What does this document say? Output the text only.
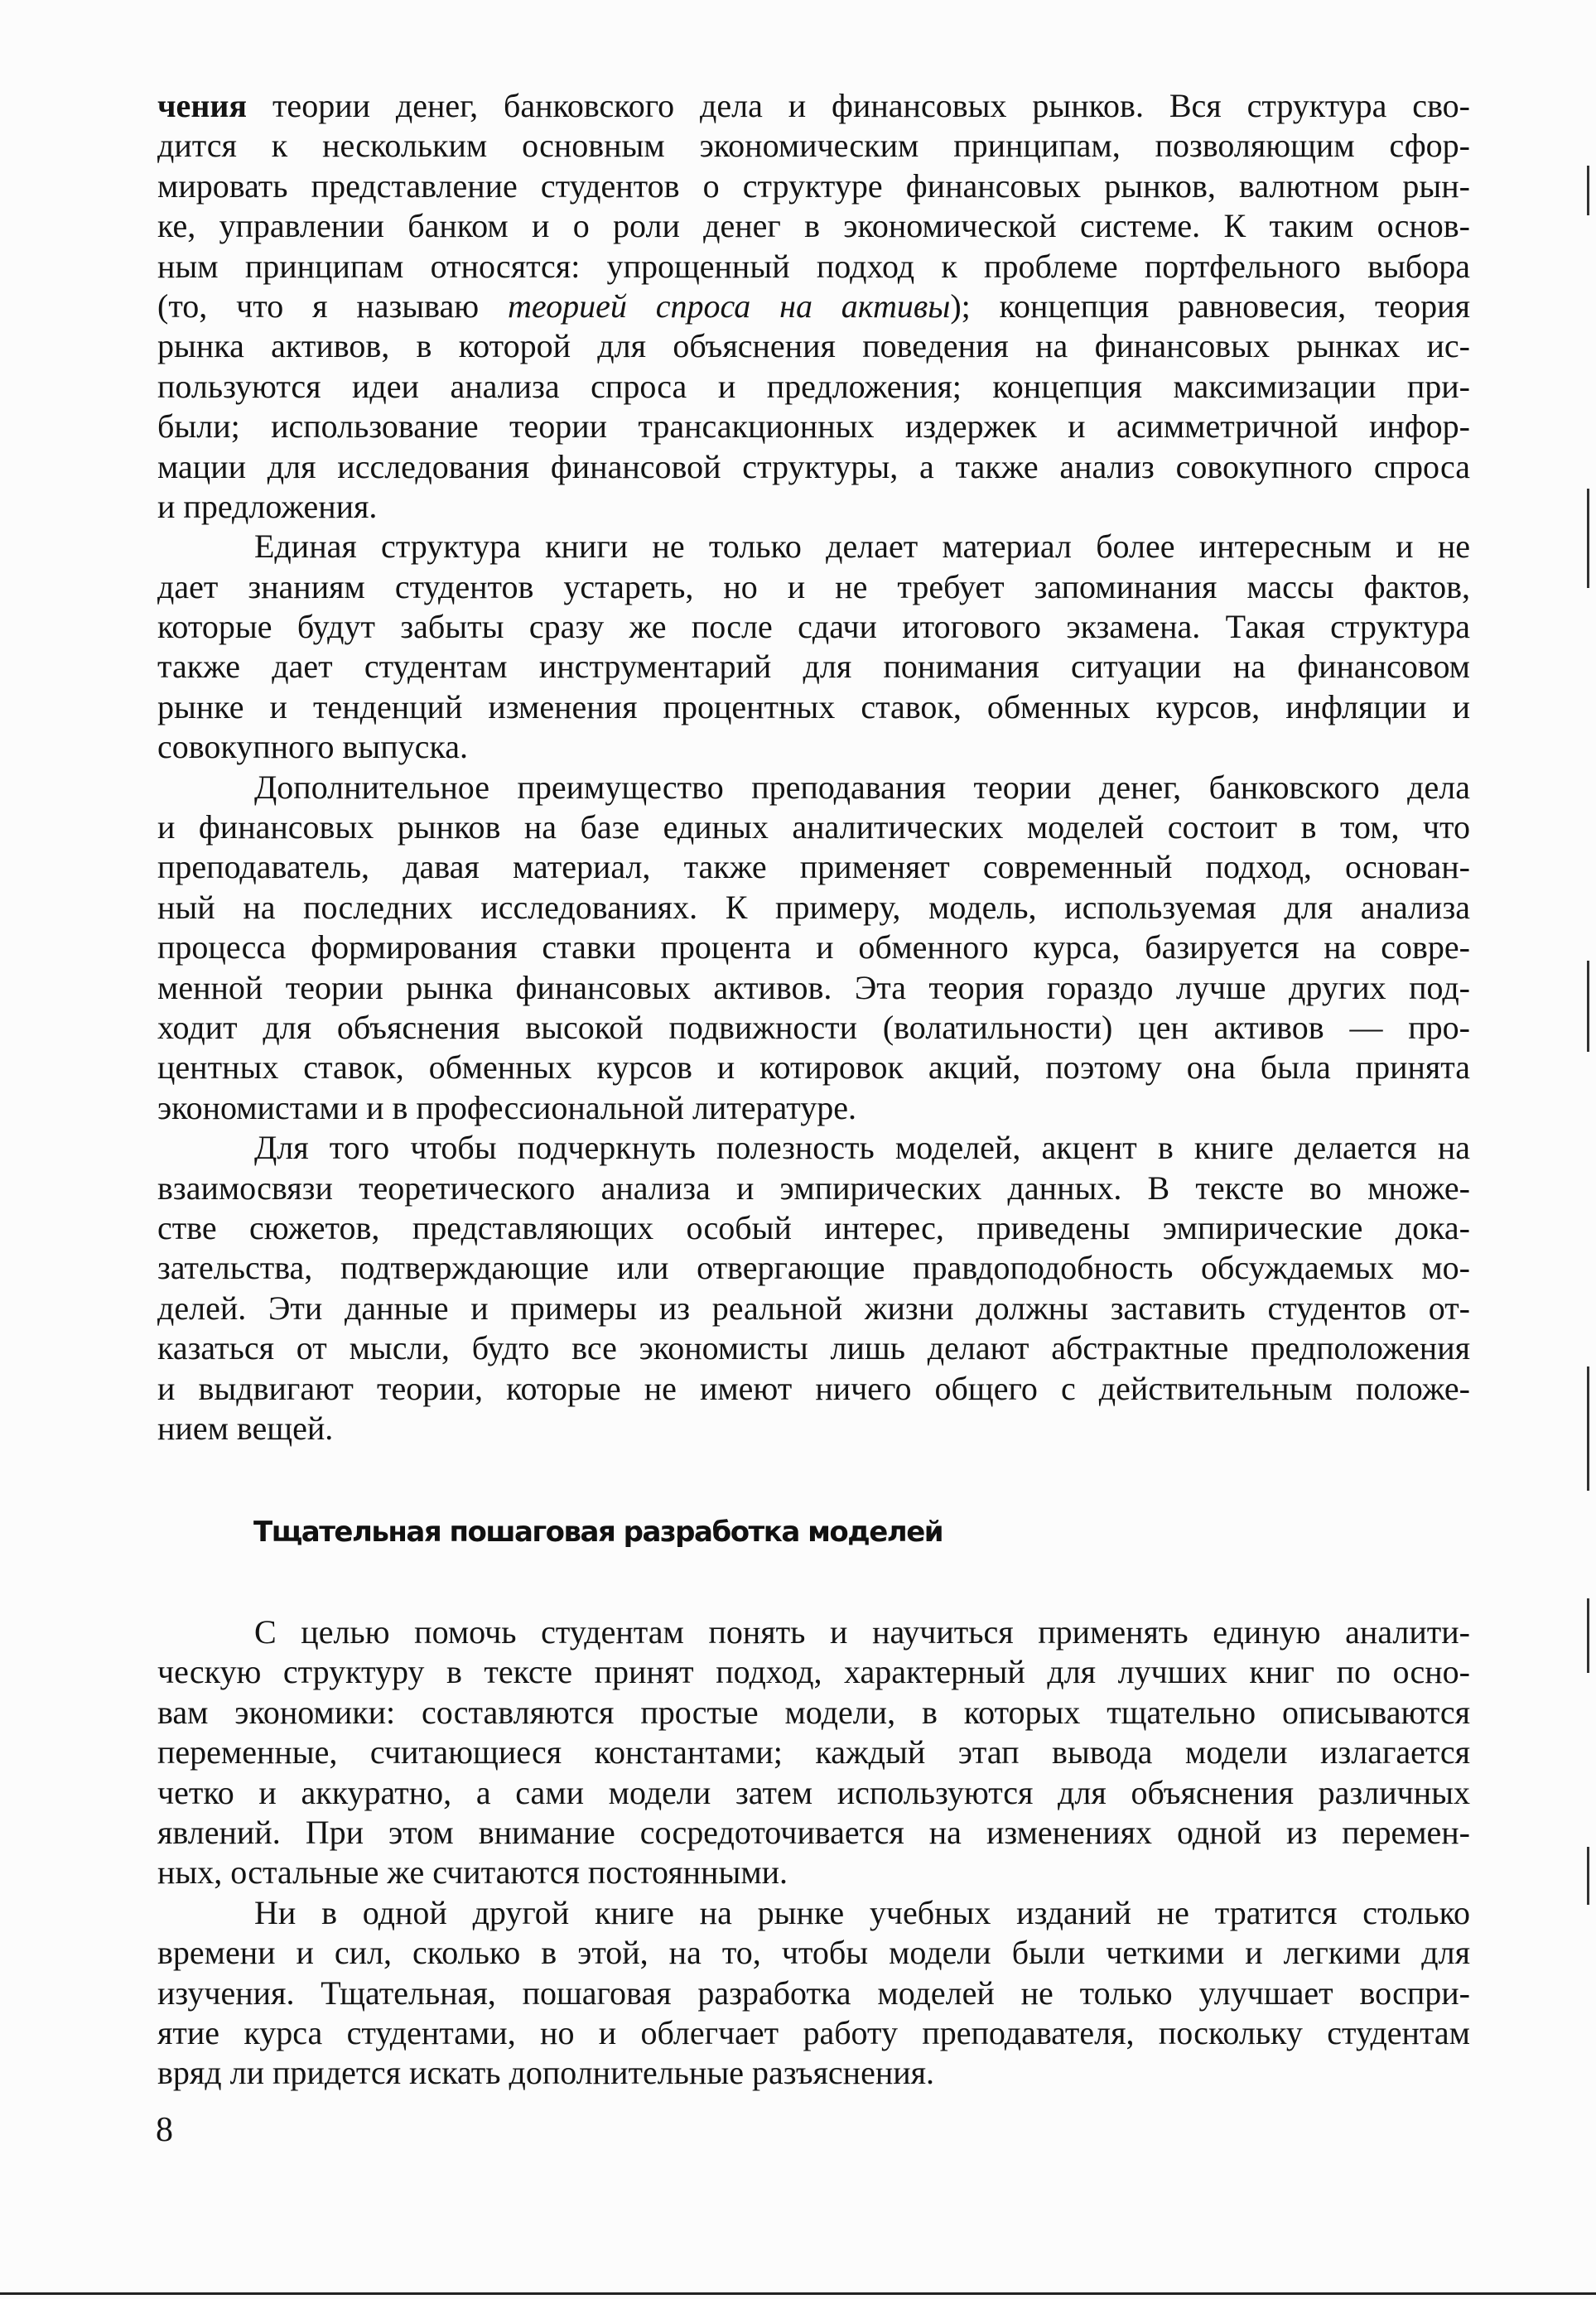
чения теории денег, банковского дела и финансовых рынков. Вся структура сво-
дится к нескольким основным экономическим принципам, позволяющим сфор-
мировать представление студентов о структуре финансовых рынков, валютном рын-
ке, управлении банком и о роли денег в экономической системе. К таким основ-
ным принципам относятся: упрощенный подход к проблеме портфельного выбора
(то, что я называю теорией спроса на активы); концепция равновесия, теория
рынка активов, в которой для объяснения поведения на финансовых рынках ис-
пользуются идеи анализа спроса и предложения; концепция максимизации при-
были; использование теории трансакционных издержек и асимметричной инфор-
мации для исследования финансовой структуры, а также анализ совокупного спроса
и предложения.
Единая структура книги не только делает материал более интересным и не
дает знаниям студентов устареть, но и не требует запоминания массы фактов,
которые будут забыты сразу же после сдачи итогового экзамена. Такая структура
также дает студентам инструментарий для понимания ситуации на финансовом
рынке и тенденций изменения процентных ставок, обменных курсов, инфляции и
совокупного выпуска.
Дополнительное преимущество преподавания теории денег, банковского дела
и финансовых рынков на базе единых аналитических моделей состоит в том, что
преподаватель, давая материал, также применяет современный подход, основан-
ный на последних исследованиях. К примеру, модель, используемая для анализа
процесса формирования ставки процента и обменного курса, базируется на совре-
менной теории рынка финансовых активов. Эта теория гораздо лучше других под-
ходит для объяснения высокой подвижности (волатильности) цен активов — про-
центных ставок, обменных курсов и котировок акций, поэтому она была принята
экономистами и в профессиональной литературе.
Для того чтобы подчеркнуть полезность моделей, акцент в книге делается на
взаимосвязи теоретического анализа и эмпирических данных. В тексте во множе-
стве сюжетов, представляющих особый интерес, приведены эмпирические дока-
зательства, подтверждающие или отвергающие правдоподобность обсуждаемых мо-
делей. Эти данные и примеры из реальной жизни должны заставить студентов от-
казаться от мысли, будто все экономисты лишь делают абстрактные предположения
и выдвигают теории, которые не имеют ничего общего с действительным положе-
нием вещей.
Тщательная пошаговая разработка моделей
С целью помочь студентам понять и научиться применять единую аналити-
ческую структуру в тексте принят подход, характерный для лучших книг по осно-
вам экономики: составляются простые модели, в которых тщательно описываются
переменные, считающиеся константами; каждый этап вывода модели излагается
четко и аккуратно, а сами модели затем используются для объяснения различных
явлений. При этом внимание сосредоточивается на изменениях одной из перемен-
ных, остальные же считаются постоянными.
Ни в одной другой книге на рынке учебных изданий не тратится столько
времени и сил, сколько в этой, на то, чтобы модели были четкими и легкими для
изучения. Тщательная, пошаговая разработка моделей не только улучшает воспри-
ятие курса студентами, но и облегчает работу преподавателя, поскольку студентам
вряд ли придется искать дополнительные разъяснения.
8
